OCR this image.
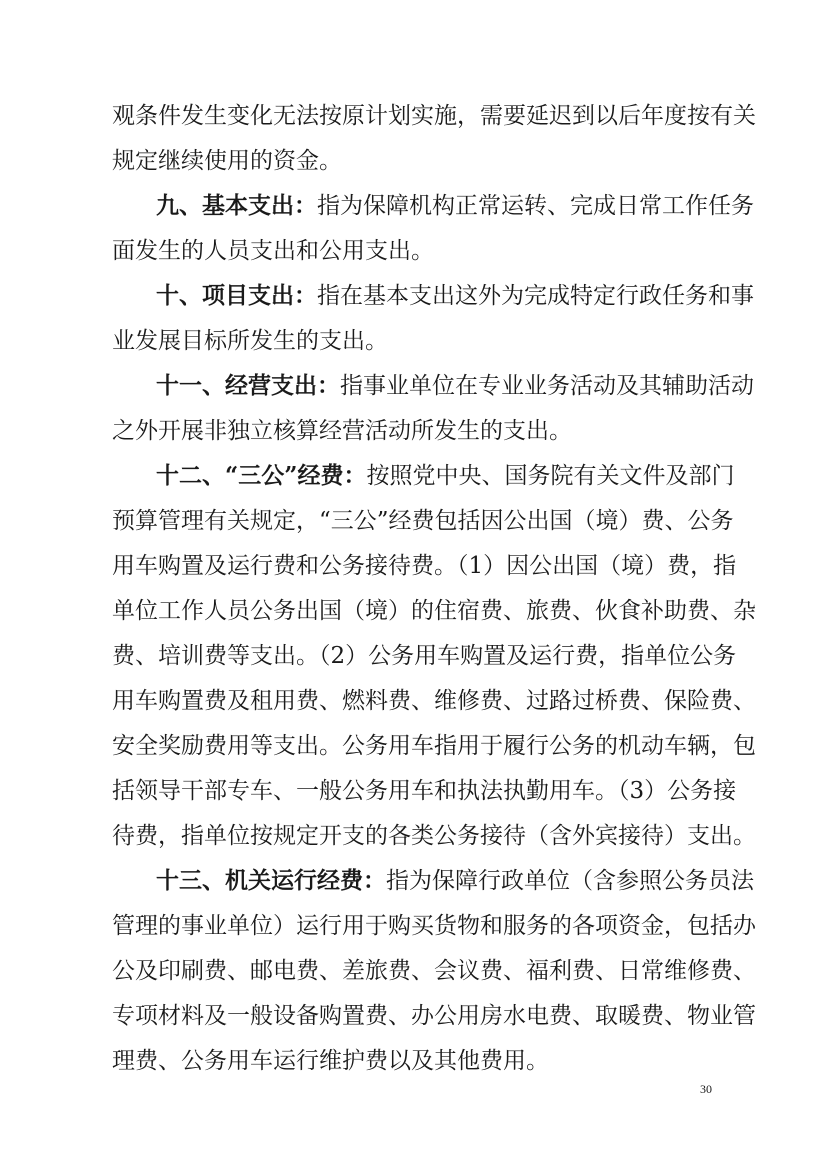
观条件发生变化无法按原计划实施，需要延迟到以后年度按有关
规定继续使用的资金。
九、基本支出：指为保障机构正常运转、完成日常工作任务
面发生的人员支出和公用支出。
十、项目支出：指在基本支出这外为完成特定行政任务和事
业发展目标所发生的支出。
十一、经营支出：指事业单位在专业业务活动及其辅助活动
之外开展非独立核算经营活动所发生的支出。
十二、“三公”经费：按照党中央、国务院有关文件及部门
预算管理有关规定，“三公”经费包括因公出国（境）费、公务
用车购置及运行费和公务接待费。（1）因公出国（境）费，指
单位工作人员公务出国（境）的住宿费、旅费、伙食补助费、杂
费、培训费等支出。（2）公务用车购置及运行费，指单位公务
用车购置费及租用费、燃料费、维修费、过路过桥费、保险费、
安全奖励费用等支出。公务用车指用于履行公务的机动车辆，包
括领导干部专车、一般公务用车和执法执勤用车。（3）公务接
待费，指单位按规定开支的各类公务接待（含外宾接待）支出。
十三、机关运行经费：指为保障行政单位（含参照公务员法
管理的事业单位）运行用于购买货物和服务的各项资金，包括办
公及印刷费、邮电费、差旅费、会议费、福利费、日常维修费、
专项材料及一般设备购置费、办公用房水电费、取暖费、物业管
理费、公务用车运行维护费以及其他费用。
30
